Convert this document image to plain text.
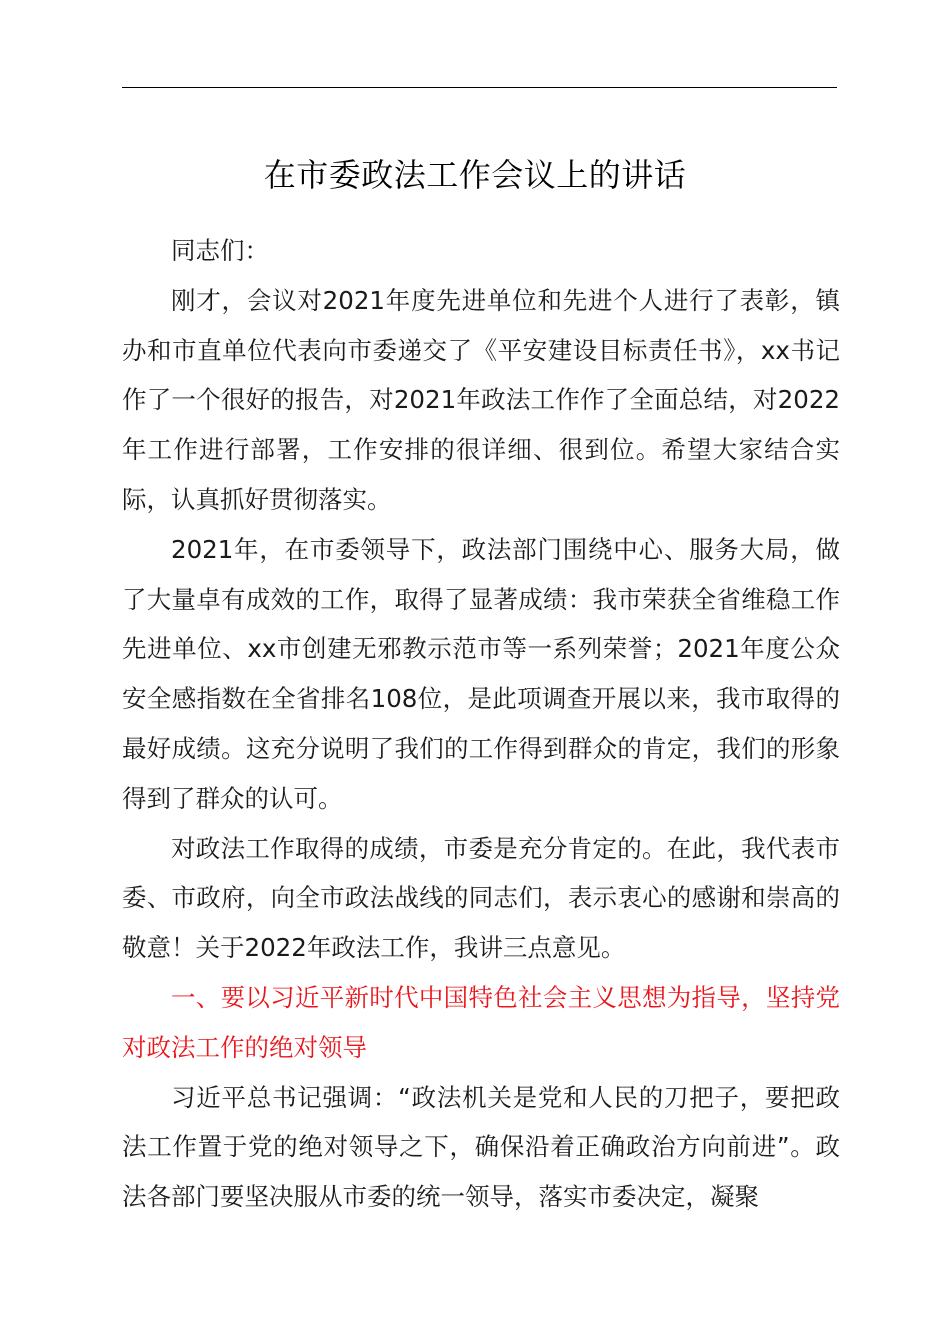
在市委政法工作会议上的讲话

同志们：

刚才，会议对2021年度先进单位和先进个人进行了表彰，镇办和市直单位代表向市委递交了《平安建设目标责任书》，xx书记作了一个很好的报告，对2021年政法工作作了全面总结，对2022年工作进行部署，工作安排的很详细、很到位。希望大家结合实际，认真抓好贯彻落实。

2021年，在市委领导下，政法部门围绕中心、服务大局，做了大量卓有成效的工作，取得了显著成绩：我市荣获全省维稳工作先进单位、xx市创建无邪教示范市等一系列荣誉；2021年度公众安全感指数在全省排名108位，是此项调查开展以来，我市取得的最好成绩。这充分说明了我们的工作得到群众的肯定，我们的形象得到了群众的认可。

对政法工作取得的成绩，市委是充分肯定的。在此，我代表市委、市政府，向全市政法战线的同志们，表示衷心的感谢和崇高的敬意！关于2022年政法工作，我讲三点意见。

一、要以习近平新时代中国特色社会主义思想为指导，坚持党对政法工作的绝对领导

习近平总书记强调：“政法机关是党和人民的刀把子，要把政法工作置于党的绝对领导之下，确保沿着正确政治方向前进”。政法各部门要坚决服从市委的统一领导，落实市委决定，凝聚
